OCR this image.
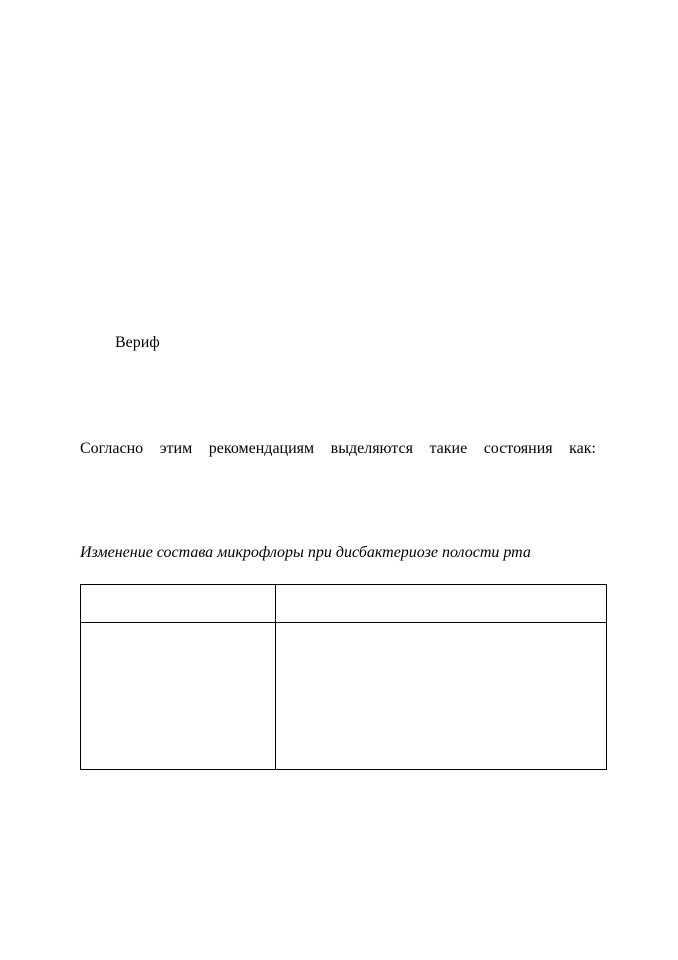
Вериф
Согласно этим рекомендациям выделяются такие состояния как:
Изменение состава микрофлоры при дисбактериозе полости рта
